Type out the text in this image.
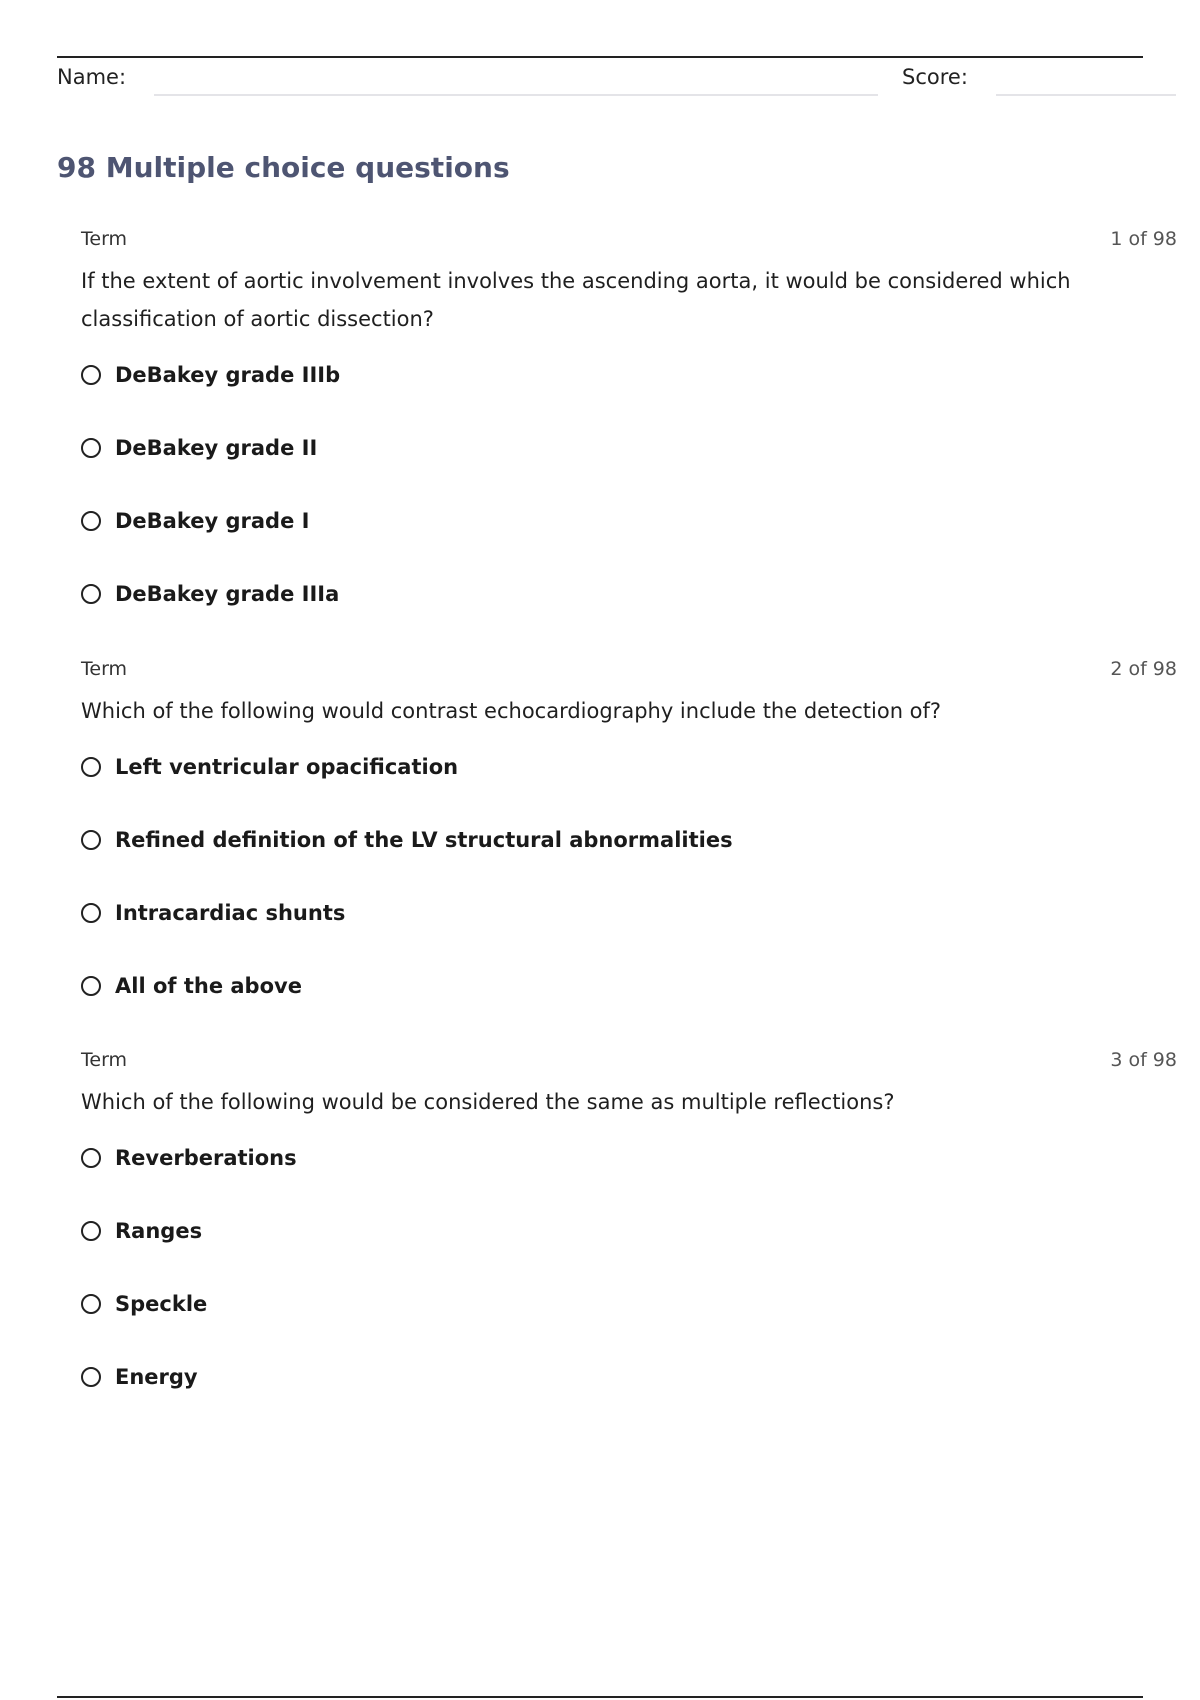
Name:	Score:
98 Multiple choice questions
Term	1 of 98

If the extent of aortic involvement involves the ascending aorta, it would be considered which classification of aortic dissection?

DeBakey grade IIIb
DeBakey grade II
DeBakey grade I
DeBakey grade IIIa
Term	2 of 98

Which of the following would contrast echocardiography include the detection of?

Left ventricular opacification
Refined definition of the LV structural abnormalities
Intracardiac shunts
All of the above
Term	3 of 98

Which of the following would be considered the same as multiple reflections?

Reverberations
Ranges
Speckle
Energy
